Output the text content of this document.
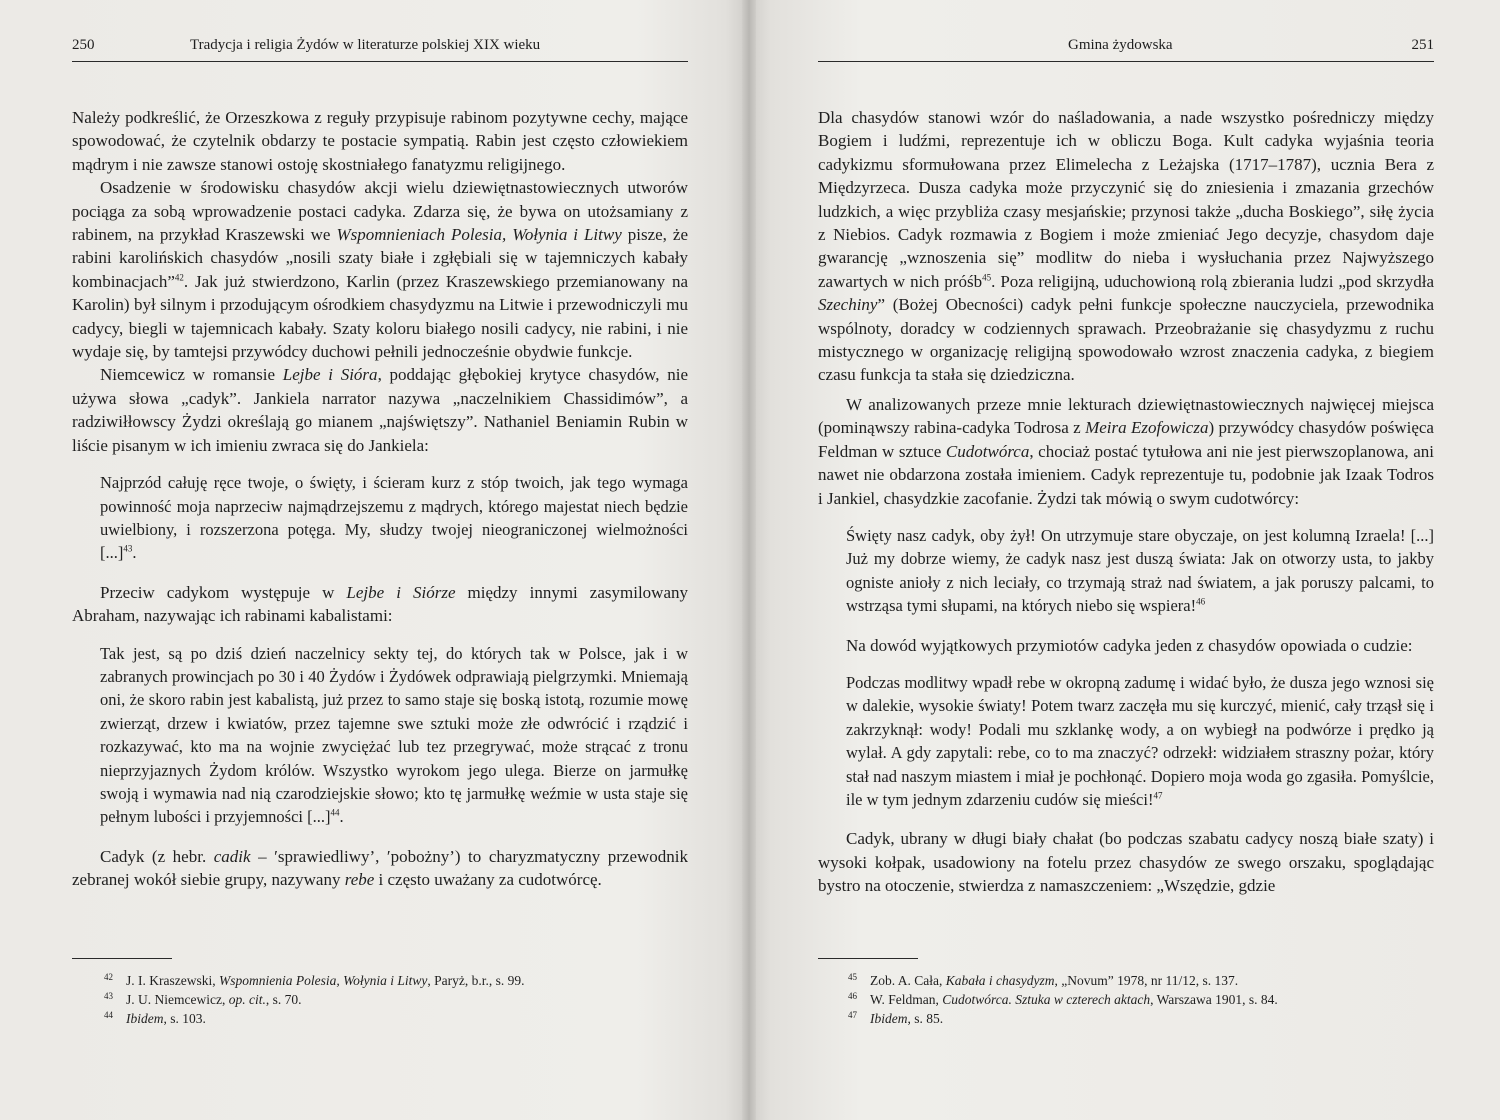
250	Tradycja i religia Żydów w literaturze polskiej XIX wieku

Należy podkreślić, że Orzeszkowa z reguły przypisuje rabinom pozytywne cechy, mające spowodować, że czytelnik obdarzy te postacie sympatią. Rabin jest często człowiekiem mądrym i nie zawsze stanowi ostoję skostniałego fanatyzmu religijnego.

Osadzenie w środowisku chasydów akcji wielu dziewiętnastowiecznych utworów pociąga za sobą wprowadzenie postaci cadyka. Zdarza się, że bywa on utożsamiany z rabinem, na przykład Kraszewski we Wspomnieniach Polesia, Wołynia i Litwy pisze, że rabini karolińskich chasydów „nosili szaty białe i zgłębiali się w tajemniczych kabały kombinacjach”$^{42}$. Jak już stwierdzono, Karlin (przez Kraszewskiego przemianowany na Karolin) był silnym i przodującym ośrodkiem chasydyzmu na Litwie i przewodniczyli mu cadycy, biegli w tajemnicach kabały. Szaty koloru białego nosili cadycy, nie rabini, i nie wydaje się, by tamtejsi przywódcy duchowi pełnili jednocześnie obydwie funkcje.

Niemcewicz w romansie Lejbe i Sióra, poddając głębokiej krytyce chasydów, nie używa słowa „cadyk”. Jankiela narrator nazywa „naczelnikiem Chassidimów”, a radziwiłłowscy Żydzi określają go mianem „najświętszy”. Nathaniel Beniamin Rubin w liście pisanym w ich imieniu zwraca się do Jankiela:

Najprzód całuję ręce twoje, o święty, i ścieram kurz z stóp twoich, jak tego wymaga powinność moja naprzeciw najmądrzejszemu z mądrych, którego majestat niech będzie uwielbiony, i rozszerzona potęga. My, słudzy twojej nieograniczonej wielmożności [...]$^{43}$.

Przeciw cadykom występuje w Lejbe i Siórze między innymi zasymilowany Abraham, nazywając ich rabinami kabalistami:

Tak jest, są po dziś dzień naczelnicy sekty tej, do których tak w Polsce, jak i w zabranych prowincjach po 30 i 40 Żydów i Żydówek odprawiają pielgrzymki. Mniemają oni, że skoro rabin jest kabalistą, już przez to samo staje się boską istotą, rozumie mowę zwierząt, drzew i kwiatów, przez tajemne swe sztuki może złe odwrócić i rządzić i rozkazywać, kto ma na wojnie zwyciężać lub tez przegrywać, może strącać z tronu nieprzyjaznych Żydom królów. Wszystko wyrokom jego ulega. Bierze on jarmułkę swoją i wymawia nad nią czarodziejskie słowo; kto tę jarmułkę weźmie w usta staje się pełnym lubości i przyjemności [...]$^{44}$.

Cadyk (z hebr. cadik – ʹsprawiedliwy’, ʹpobożny’) to charyzmatyczny przewodnik zebranej wokół siebie grupy, nazywany rebe i często uważany za cudotwórcę.

42 J. I. Kraszewski, Wspomnienia Polesia, Wołynia i Litwy, Paryż, b.r., s. 99.
43 J. U. Niemcewicz, op. cit., s. 70.
44 Ibidem, s. 103.
Gmina żydowska	251

Dla chasydów stanowi wzór do naśladowania, a nade wszystko pośredniczy między Bogiem i ludźmi, reprezentuje ich w obliczu Boga. Kult cadyka wyjaśnia teoria cadykizmu sformułowana przez Elimelecha z Leżajska (1717–1787), ucznia Bera z Międzyrzeca. Dusza cadyka może przyczynić się do zniesienia i zmazania grzechów ludzkich, a więc przybliża czasy mesjańskie; przynosi także „ducha Boskiego”, siłę życia z Niebios. Cadyk rozmawia z Bogiem i może zmieniać Jego decyzje, chasydom daje gwarancję „wznoszenia się” modlitw do nieba i wysłuchania przez Najwyższego zawartych w nich próśb$^{45}$. Poza religijną, uduchowioną rolą zbierania ludzi „pod skrzydła Szechiny” (Bożej Obecności) cadyk pełni funkcje społeczne nauczyciela, przewodnika wspólnoty, doradcy w codziennych sprawach. Przeobrażanie się chasydyzmu z ruchu mistycznego w organizację religijną spowodowało wzrost znaczenia cadyka, z biegiem czasu funkcja ta stała się dziedziczna.

W analizowanych przeze mnie lekturach dziewiętnastowiecznych najwięcej miejsca (pominąwszy rabina-cadyka Todrosa z Meira Ezofowicza) przywódcy chasydów poświęca Feldman w sztuce Cudotwórca, chociaż postać tytułowa ani nie jest pierwszoplanowa, ani nawet nie obdarzona została imieniem. Cadyk reprezentuje tu, podobnie jak Izaak Todros i Jankiel, chasydzkie zacofanie. Żydzi tak mówią o swym cudotwórcy:

Święty nasz cadyk, oby żył! On utrzymuje stare obyczaje, on jest kolumną Izraela! [...] Już my dobrze wiemy, że cadyk nasz jest duszą świata: Jak on otworzy usta, to jakby ogniste anioły z nich leciały, co trzymają straż nad światem, a jak poruszy palcami, to wstrząsa tymi słupami, na których niebo się wspiera!$^{46}$

Na dowód wyjątkowych przymiotów cadyka jeden z chasydów opowiada o cudzie:

Podczas modlitwy wpadł rebe w okropną zadumę i widać było, że dusza jego wznosi się w dalekie, wysokie światy! Potem twarz zaczęła mu się kurczyć, mienić, cały trząsł się i zakrzyknął: wody! Podali mu szklankę wody, a on wybiegł na podwórze i prędko ją wylał. A gdy zapytali: rebe, co to ma znaczyć? odrzekł: widziałem straszny pożar, który stał nad naszym miastem i miał je pochłonąć. Dopiero moja woda go zgasiła. Pomyślcie, ile w tym jednym zdarzeniu cudów się mieści!$^{47}$

Cadyk, ubrany w długi biały chałat (bo podczas szabatu cadycy noszą białe szaty) i wysoki kołpak, usadowiony na fotelu przez chasydów ze swego orszaku, spoglądając bystro na otoczenie, stwierdza z namaszczeniem: „Wszędzie, gdzie

45 Zob. A. Cała, Kabała i chasydyzm, „Novum” 1978, nr 11/12, s. 137.
46 W. Feldman, Cudotwórca. Sztuka w czterech aktach, Warszawa 1901, s. 84.
47 Ibidem, s. 85.
